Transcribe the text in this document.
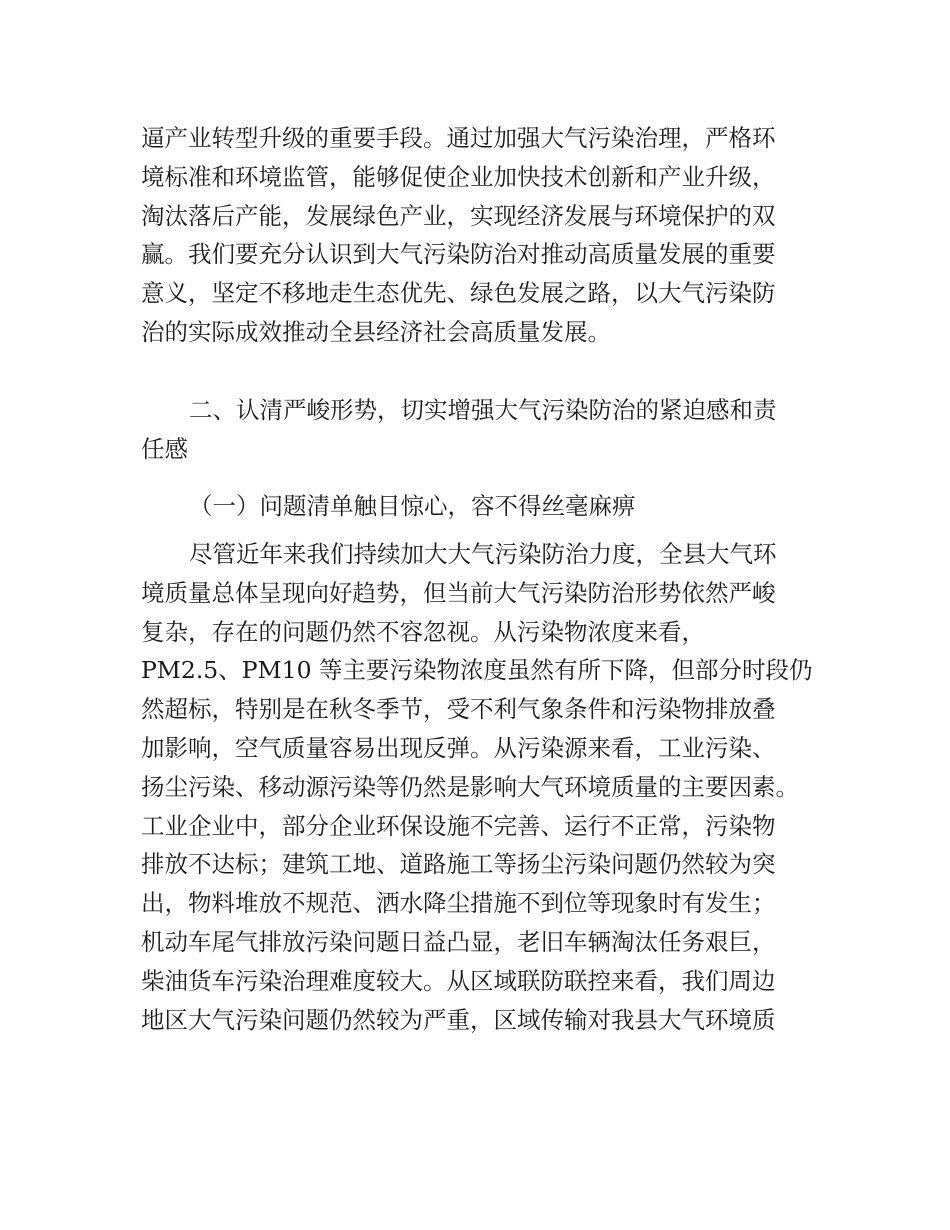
逼产业转型升级的重要手段。通过加强大气污染治理，严格环
境标准和环境监管，能够促使企业加快技术创新和产业升级，
淘汰落后产能，发展绿色产业，实现经济发展与环境保护的双
赢。我们要充分认识到大气污染防治对推动高质量发展的重要
意义，坚定不移地走生态优先、绿色发展之路，以大气污染防
治的实际成效推动全县经济社会高质量发展。
二、认清严峻形势，切实增强大气污染防治的紧迫感和责
任感
（一）问题清单触目惊心，容不得丝毫麻痹
尽管近年来我们持续加大大气污染防治力度，全县大气环
境质量总体呈现向好趋势，但当前大气污染防治形势依然严峻
复杂，存在的问题仍然不容忽视。从污染物浓度来看，
PM2.5、PM10 等主要污染物浓度虽然有所下降，但部分时段仍
然超标，特别是在秋冬季节，受不利气象条件和污染物排放叠
加影响，空气质量容易出现反弹。从污染源来看，工业污染、
扬尘污染、移动源污染等仍然是影响大气环境质量的主要因素。
工业企业中，部分企业环保设施不完善、运行不正常，污染物
排放不达标；建筑工地、道路施工等扬尘污染问题仍然较为突
出，物料堆放不规范、洒水降尘措施不到位等现象时有发生；
机动车尾气排放污染问题日益凸显，老旧车辆淘汰任务艰巨，
柴油货车污染治理难度较大。从区域联防联控来看，我们周边
地区大气污染问题仍然较为严重，区域传输对我县大气环境质
